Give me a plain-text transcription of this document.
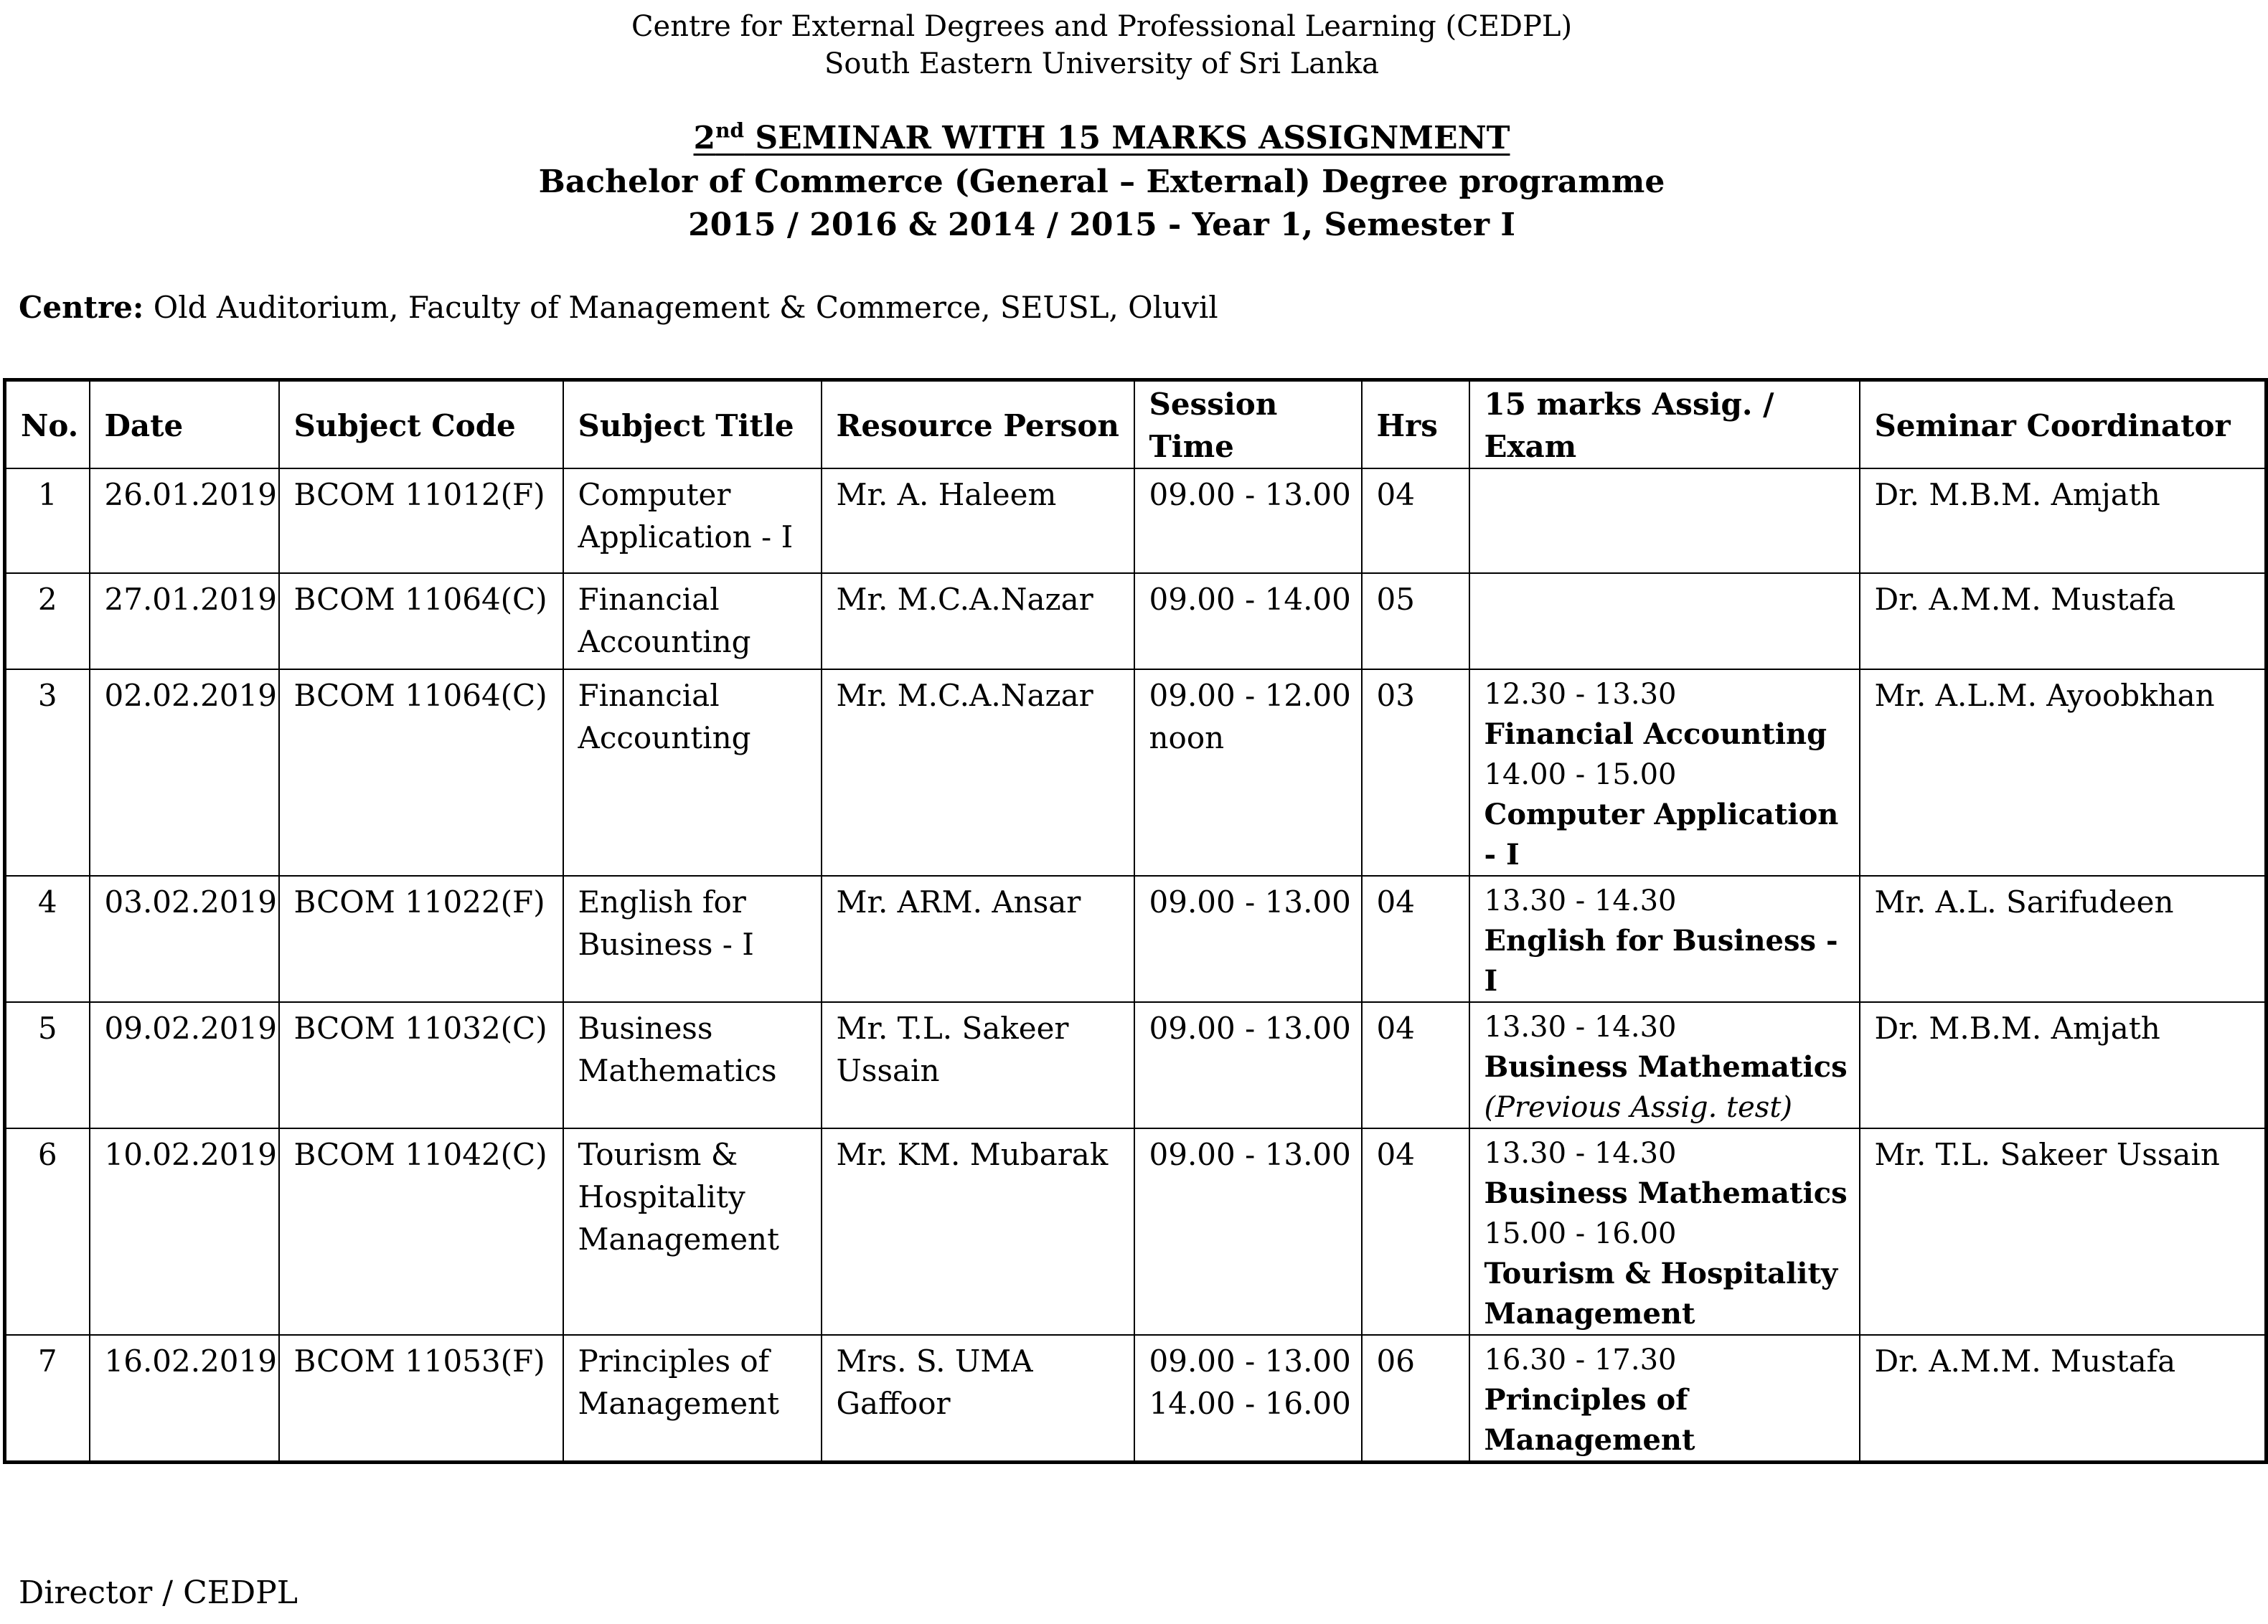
Centre for External Degrees and Professional Learning (CEDPL)
South Eastern University of Sri Lanka
2nd SEMINAR WITH 15 MARKS ASSIGNMENT
Bachelor of Commerce (General – External) Degree programme
2015 / 2016 & 2014 / 2015 - Year 1, Semester I
Centre: Old Auditorium, Faculty of Management & Commerce, SEUSL, Oluvil
No.	Date	Subject Code	Subject Title	Resource Person	Session Time	Hrs	15 marks Assig. / Exam	Seminar Coordinator
1	26.01.2019	BCOM 11012(F)	Computer Application - I	Mr. A. Haleem	09.00 - 13.00	04		Dr. M.B.M. Amjath
2	27.01.2019	BCOM 11064(C)	Financial Accounting	Mr. M.C.A.Nazar	09.00 - 14.00	05		Dr. A.M.M. Mustafa
3	02.02.2019	BCOM 11064(C)	Financial Accounting	Mr. M.C.A.Nazar	09.00 - 12.00 noon	03	12.30 - 13.30
Financial Accounting
14.00 - 15.00
Computer Application - I	Mr. A.L.M. Ayoobkhan
4	03.02.2019	BCOM 11022(F)	English for Business - I	Mr. ARM. Ansar	09.00 - 13.00	04	13.30 - 14.30
English for Business - I	Mr. A.L. Sarifudeen
5	09.02.2019	BCOM 11032(C)	Business Mathematics	Mr. T.L. Sakeer Ussain	09.00 - 13.00	04	13.30 - 14.30
Business Mathematics
(Previous Assig. test)	Dr. M.B.M. Amjath
6	10.02.2019	BCOM 11042(C)	Tourism & Hospitality Management	Mr. KM. Mubarak	09.00 - 13.00	04	13.30 - 14.30
Business Mathematics
15.00 - 16.00
Tourism & Hospitality Management	Mr. T.L. Sakeer Ussain
7	16.02.2019	BCOM 11053(F)	Principles of Management	Mrs. S. UMA Gaffoor	09.00 - 13.00 14.00 - 16.00	06	16.30 - 17.30
Principles of Management	Dr. A.M.M. Mustafa
Director / CEDPL
